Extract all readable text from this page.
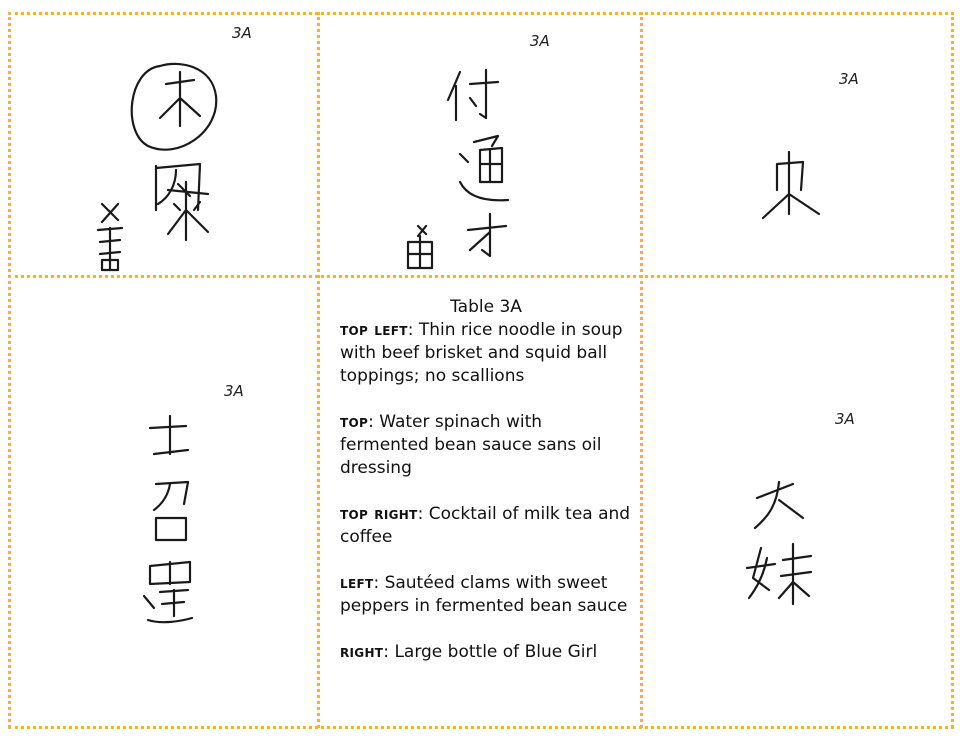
3A	3A
3A
3A
3A
Table 3A
top left: Thin rice noodle in soup with beef brisket and squid ball toppings; no scallions
top: Water spinach with fermented bean sauce sans oil dressing
top right: Cocktail of milk tea and coffee
left: Sautéed clams with sweet peppers in fermented bean sauce
right: Large bottle of Blue Girl
